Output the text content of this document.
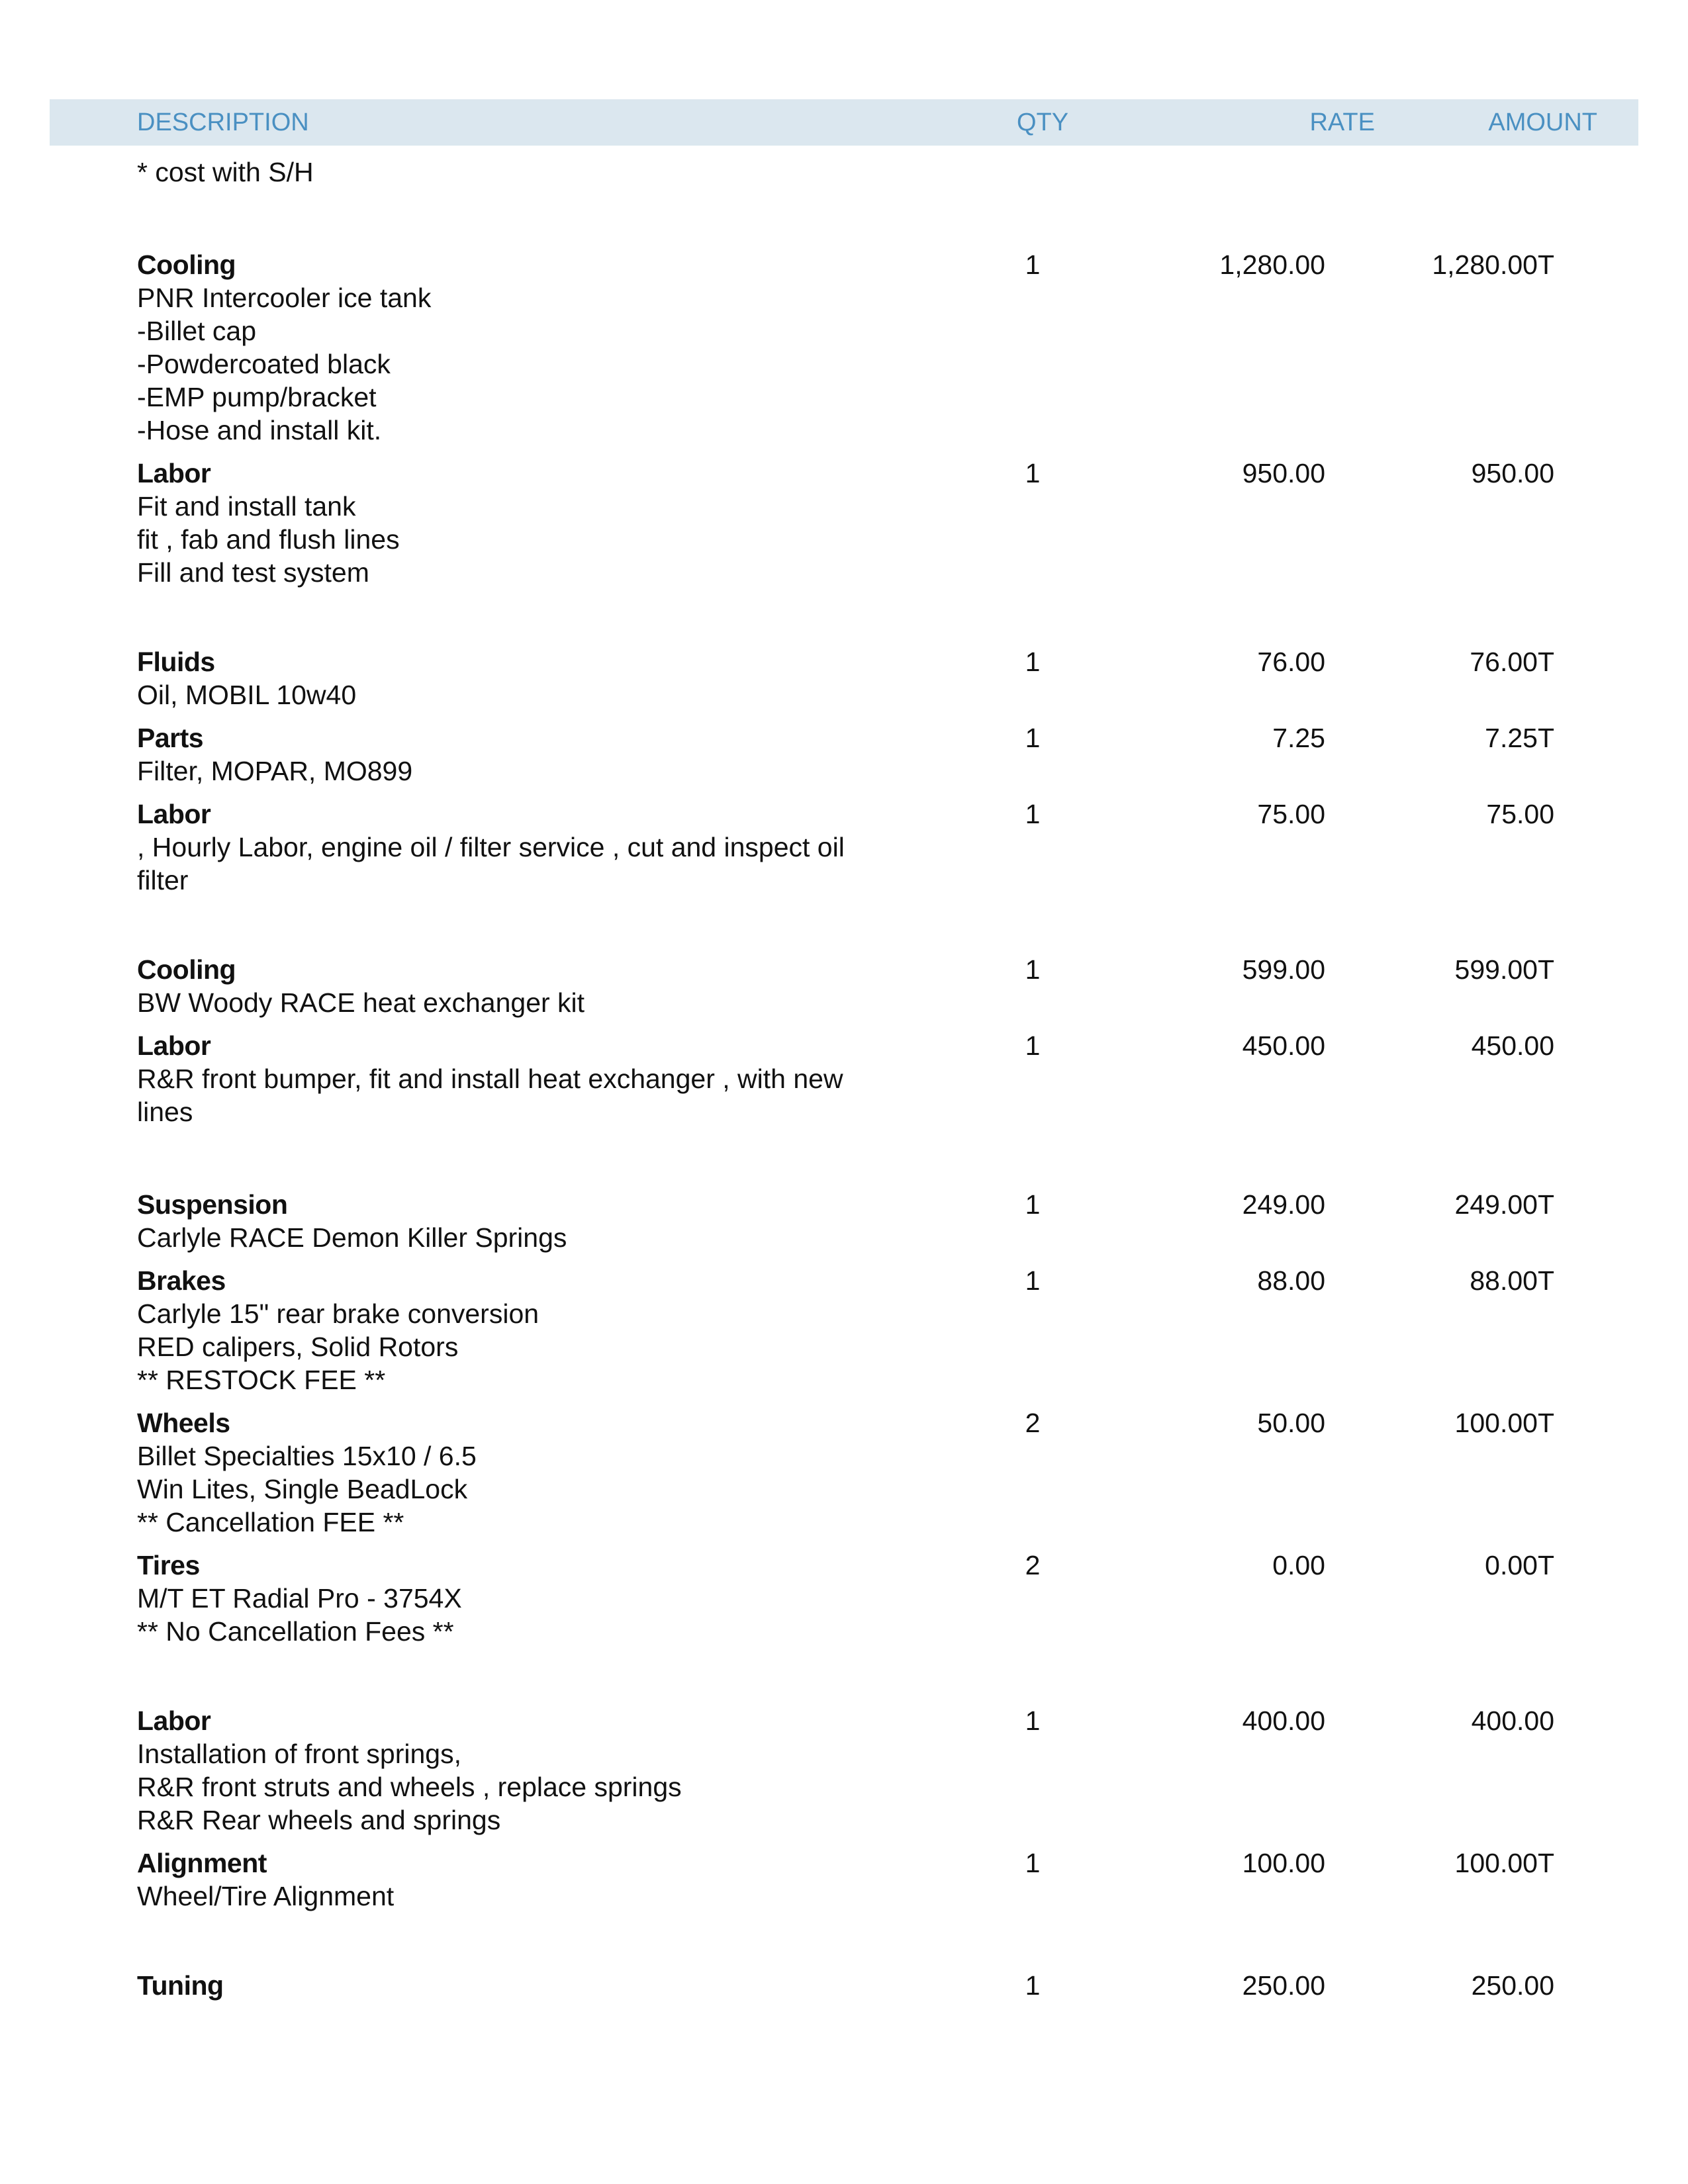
DESCRIPTION	QTY	RATE	AMOUNT
* cost with S/H
Cooling
PNR Intercooler ice tank
-Billet cap
-Powdercoated black
-EMP pump/bracket
-Hose and install kit.
1	1,280.00	1,280.00T
Labor
Fit and install tank
fit , fab and flush lines
Fill and test system
1	950.00	950.00
Fluids
Oil, MOBIL 10w40
1	76.00	76.00T
Parts
Filter, MOPAR, MO899
1	7.25	7.25T
Labor
, Hourly Labor, engine oil / filter service , cut and inspect oil
filter
1	75.00	75.00
Cooling
BW Woody RACE heat exchanger kit
1	599.00	599.00T
Labor
R&R front bumper, fit and install heat exchanger , with new
lines
1	450.00	450.00
Suspension
Carlyle RACE Demon Killer Springs
1	249.00	249.00T
Brakes
Carlyle 15" rear brake conversion
RED calipers, Solid Rotors
** RESTOCK FEE **
1	88.00	88.00T
Wheels
Billet Specialties 15x10 / 6.5
Win Lites, Single BeadLock
** Cancellation FEE **
2	50.00	100.00T
Tires
M/T ET Radial Pro - 3754X
** No Cancellation Fees **
2	0.00	0.00T
Labor
Installation of front springs,
R&R front struts and wheels , replace springs
R&R Rear wheels and springs
1	400.00	400.00
Alignment
Wheel/Tire Alignment
1	100.00	100.00T
Tuning	1	250.00	250.00
